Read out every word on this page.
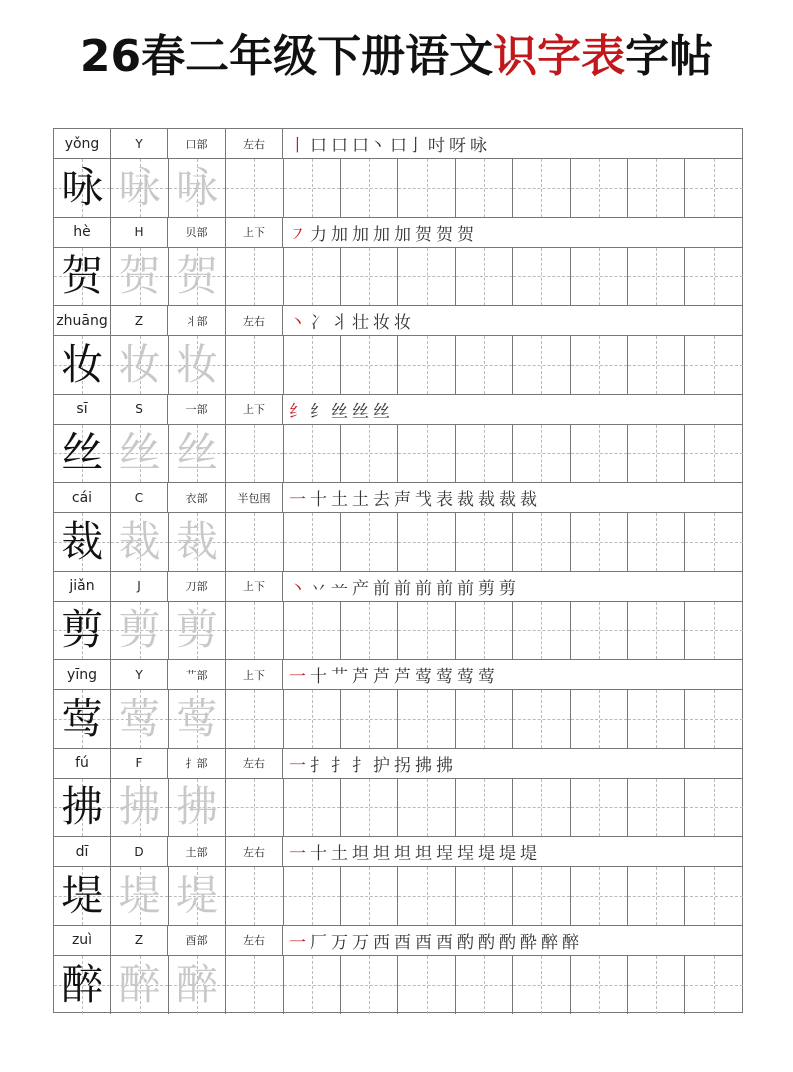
26春二年级下册语文识字表字帖
yǒng	Y	口部	左右	丨 口 口 口丶 口亅 吋 呀 咏
咏 咏 咏
hè	H	贝部	上下	㇇ 力 加 加 加 加 贺 贺 贺
贺 贺 贺
zhuāng	Z	丬部	左右	丶 冫 丬 壮 妆 妆
妆 妆 妆
sī	S	一部	上下	纟 纟 丝 丝 丝
丝 丝 丝
cái	C	衣部	半包围	一 十 土 土 去 声 𢦏 表 裁 裁 裁 裁
裁 裁 裁
jiǎn	J	刀部	上下	丶 丷 䒑 产 前 前 前 前 前 剪 剪
剪 剪 剪
yīng	Y	艹部	上下	一 十 艹 芦 芦 芦 莺 莺 莺 莺
莺 莺 莺
fú	F	扌部	左右	一 扌 扌 扌 护 拐 拂 拂
拂 拂 拂
dī	D	土部	左右	一 十 土 坦 坦 坦 坦 埕 埕 堤 堤 堤
堤 堤 堤
zuì	Z	酉部	左右	一 厂 万 万 西 酉 酉 酉 酌 酌 酌 酔 醉 醉
醉 醉 醉
